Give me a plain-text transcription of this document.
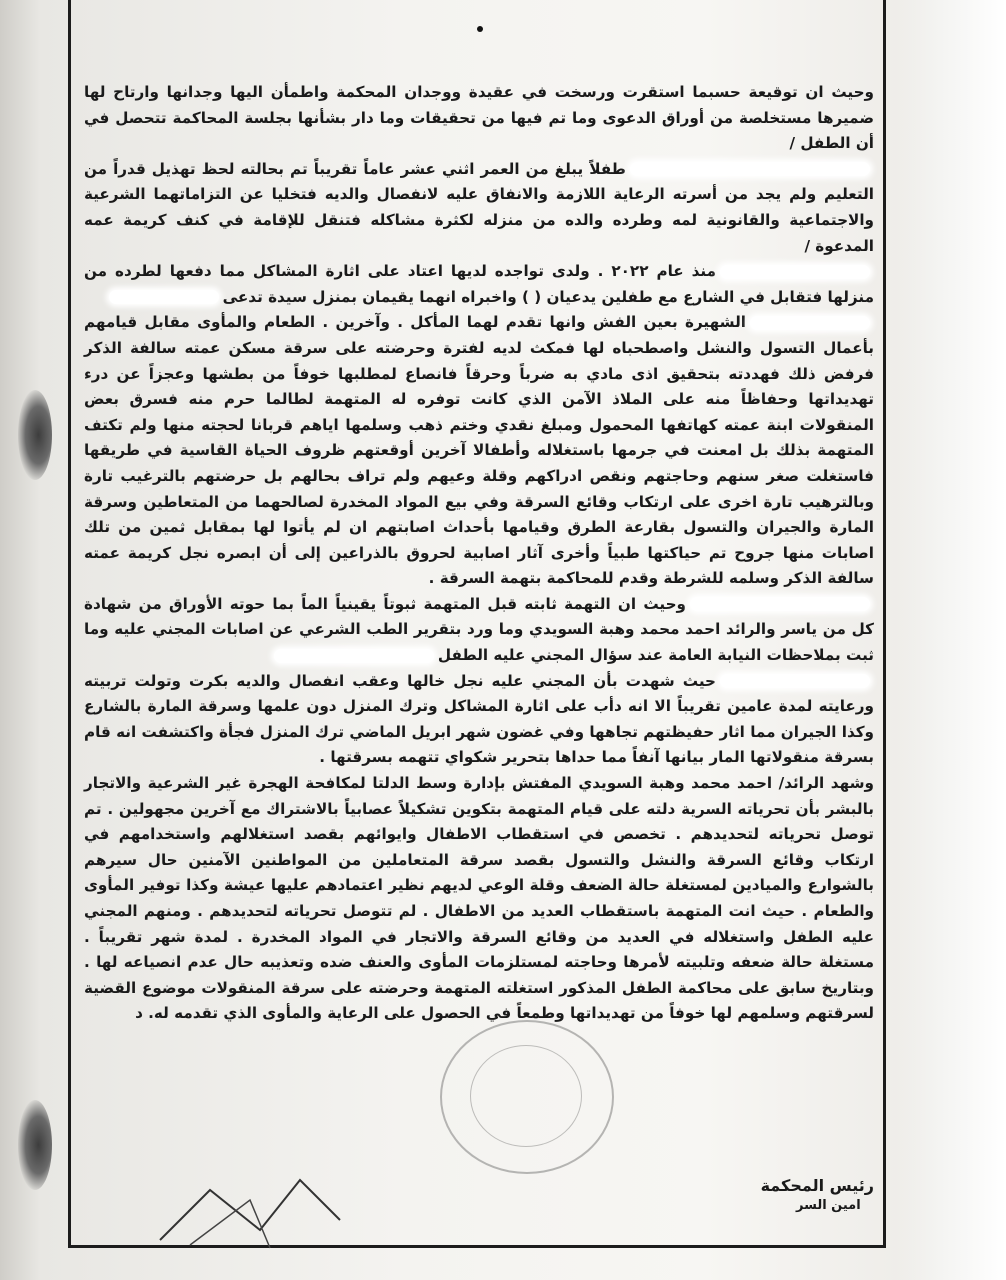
وحيث ان توقيعة حسبما استقرت ورسخت في عقيدة ووجدان المحكمة واطمأن اليها وجدانها وارتاح لها ضميرها مستخلصة من أوراق الدعوى وما تم فيها من تحقيقات وما دار بشأنها بجلسة المحاكمة تتحصل في أن الطفل /

طفلاً يبلغ من العمر اثني عشر عاماً تقريباً تم بحالته لحظ تهذيل قدراً من التعليم ولم يجد من أسرته الرعاية اللازمة والانفاق عليه لانفصال والديه فتخليا عن التزاماتهما الشرعية والاجتماعية والقانونية لمه وطرده والده من منزله لكثرة مشاكله فتنقل للإقامة في كنف كريمة عمه المدعوة /

منذ عام ٢٠٢٢ . ولدى تواجده لديها اعتاد على اثارة المشاكل مما دفعها لطرده من منزلها فتقابل في الشارع مع طفلين يدعيان ( ) واخبراه انهما يقيمان بمنزل سيدة تدعى

الشهيرة بعين الفش وانها تقدم لهما المأكل . وآخرين . الطعام والمأوى مقابل قيامهم بأعمال التسول والنشل واصطحباه لها فمكث لديه لفترة وحرضته على سرقة مسكن عمته سالفة الذكر فرفض ذلك فهددته بتحقيق اذى مادي به ضرباً وحرقاً فانصاع لمطلبها خوفاً من بطشها وعجزاً عن درء تهديداتها وحفاظاً منه على الملاذ الآمن الذي كانت توفره له المتهمة لطالما حرم منه فسرق بعض المنقولات ابنة عمته كهاتفها المحمول ومبلغ نقدي وختم ذهب وسلمها اياهم قربانا لحجته منها ولم تكتف المتهمة بذلك بل امعنت في جرمها باستغلاله وأطفالا آخرين أوقعتهم ظروف الحياة القاسية في طريقها فاستغلت صغر سنهم وحاجتهم ونقص ادراكهم وقلة وعيهم ولم تراف بحالهم بل حرضتهم بالترغيب تارة وبالترهيب تارة اخرى على ارتكاب وقائع السرقة وفي بيع المواد المخدرة لصالحهما من المتعاطين وسرقة المارة والجيران والتسول بقارعة الطرق وقيامها بأحداث اصابتهم ان لم يأتوا لها بمقابل ثمين من تلك اصابات منها جروح تم حياكتها طبياً وأخرى آثار اصابية لحروق بالذراعين إلى أن ابصره نجل كريمة عمته سالفة الذكر وسلمه للشرطة وقدم للمحاكمة بتهمة السرقة .

وحيث ان التهمة ثابته قبل المتهمة ثبوتاً يقينياً الماً بما حوته الأوراق من شهادة كل من ياسر والرائد احمد محمد وهبة السويدي وما ورد بتقرير الطب الشرعي عن اصابات المجني عليه وما ثبت بملاحظات النيابة العامة عند سؤال المجني عليه الطفل

حيث شهدت بأن المجني عليه نجل خالها وعقب انفصال والديه بكرت وتولت تربيته ورعايته لمدة عامين تقريباً الا انه دأب على اثارة المشاكل وترك المنزل دون علمها وسرقة المارة بالشارع وكذا الجيران مما اثار حفيظتهم تجاهها وفي غضون شهر ابريل الماضي ترك المنزل فجأة واكتشفت انه قام بسرقة منقولاتها المار بيانها آنفاً مما حداها بتحرير شكواي تتهمه بسرقتها .

وشهد الرائد/ احمد محمد وهبة السويدي المفتش بإدارة وسط الدلتا لمكافحة الهجرة غير الشرعية والاتجار بالبشر بأن تحرياته السرية دلته على قيام المتهمة بتكوين تشكيلاً عصابياً بالاشتراك مع آخرين مجهولين . تم توصل تحرياته لتحديدهم . تخصص في استقطاب الاطفال وايوائهم بقصد استغلالهم واستخدامهم في ارتكاب وقائع السرقة والنشل والتسول بقصد سرقة المتعاملين من المواطنين الآمنين حال سيرهم بالشوارع والميادين لمستغلة حالة الضعف وقلة الوعي لديهم نظير اعتمادهم عليها عيشة وكذا توفير المأوى والطعام . حيث انت المتهمة باستقطاب العديد من الاطفال . لم تتوصل تحرياته لتحديدهم . ومنهم المجني عليه الطفل واستغلاله في العديد من وقائع السرقة والاتجار في المواد المخدرة . لمدة شهر تقريباً . مستغلة حالة ضعفه وتلبيته لأمرها وحاجته لمستلزمات المأوى والعنف ضده وتعذيبه حال عدم انصياعه لها . وبتاريخ سابق على محاكمة الطفل المذكور استغلته المتهمة وحرضته على سرقة المنقولات موضوع القضية لسرقتهم وسلمهم لها خوفاً من تهديداتها وطمعاً في الحصول على الرعاية والمأوى الذي تقدمه له. د

رئيس المحكمة
امين السر
